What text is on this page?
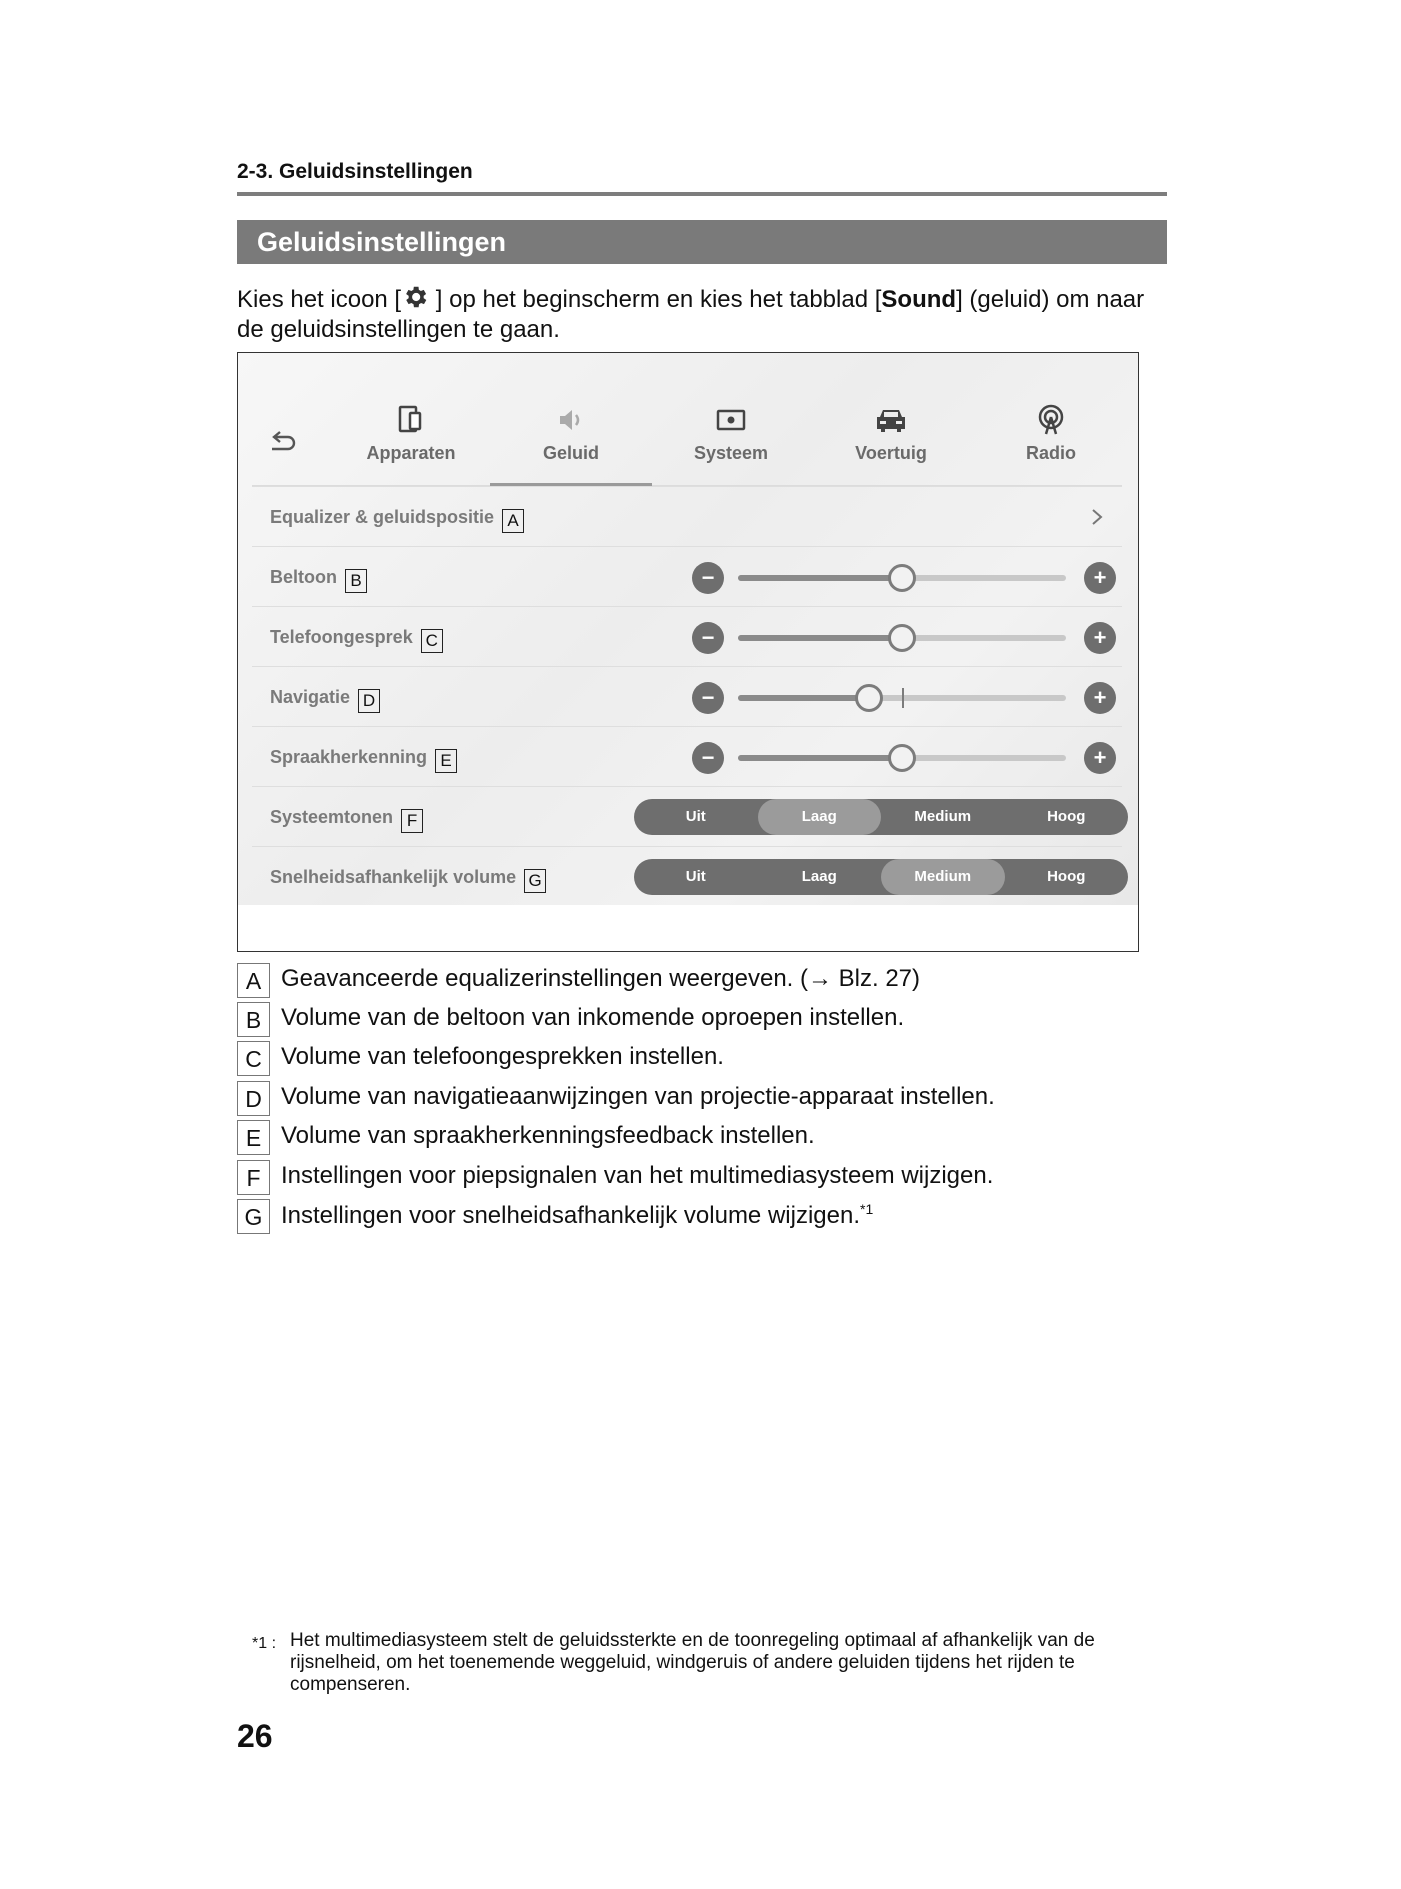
2-3. Geluidsinstellingen
Geluidsinstellingen
Kies het icoon [ ] op het beginscherm en kies het tabblad [Sound] (geluid) om naar de geluidsinstellingen te gaan.
Apparaten	Geluid	Systeem	Voertuig	Radio
Equalizer & geluidspositie A
Beltoon B	−	+
Telefoongesprek C	−	+
Navigatie D	−	+
Spraakherkenning E	−	+
Systeemtonen F	Uit	Laag	Medium	Hoog
Snelheidsafhankelijk volume G	Uit	Laag	Medium	Hoog
A Geavanceerde equalizerinstellingen weergeven. (→ Blz. 27)
B Volume van de beltoon van inkomende oproepen instellen.
C Volume van telefoongesprekken instellen.
D Volume van navigatieaanwijzingen van projectie-apparaat instellen.
E Volume van spraakherkenningsfeedback instellen.
F Instellingen voor piepsignalen van het multimediasysteem wijzigen.
G Instellingen voor snelheidsafhankelijk volume wijzigen.$^{*1}$
*1 : Het multimediasysteem stelt de geluidssterkte en de toonregeling optimaal af afhankelijk van de rijsnelheid, om het toenemende weggeluid, windgeruis of andere geluiden tijdens het rijden te compenseren.
26
